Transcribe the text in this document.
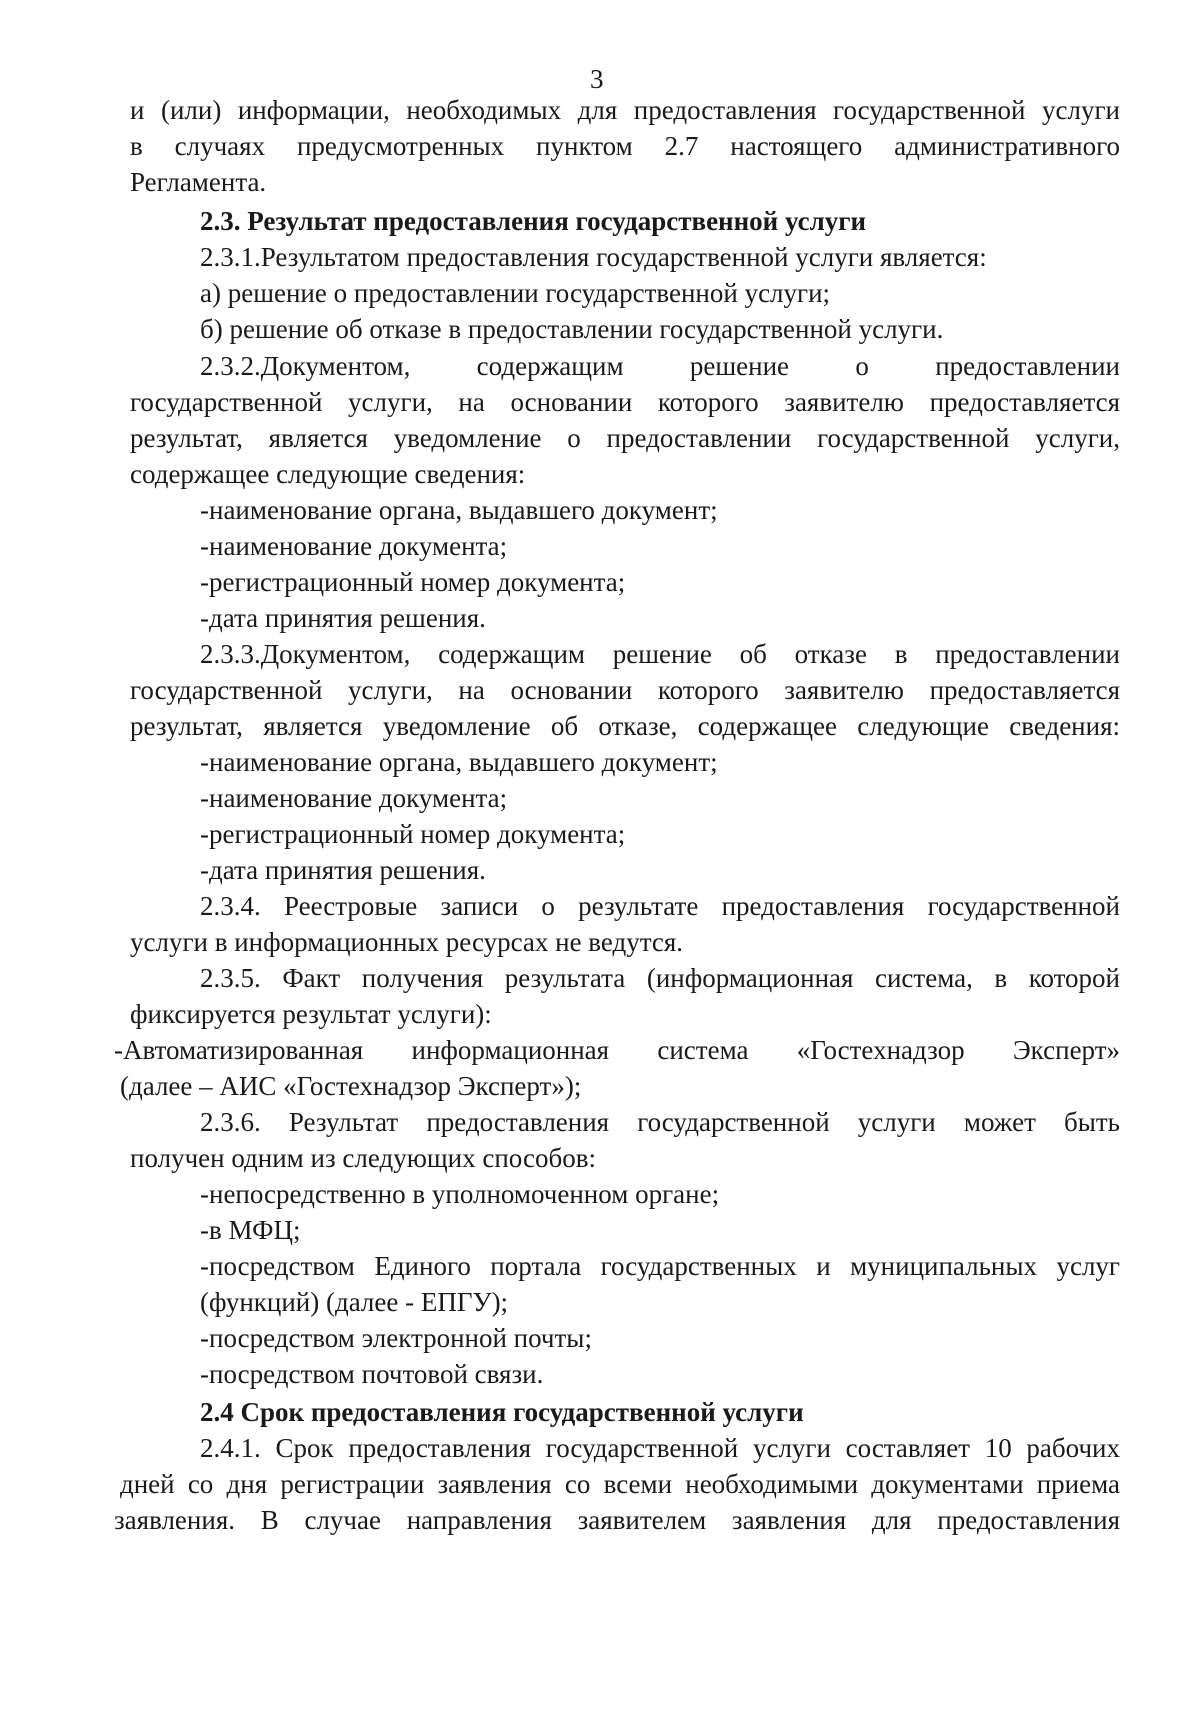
3
и (или) информации, необходимых для предоставления государственной услуги
в случаях предусмотренных пунктом 2.7 настоящего административного
Регламента.
2.3. Результат предоставления государственной услуги
2.3.1.Результатом предоставления государственной услуги является:
а) решение о предоставлении государственной услуги;
б) решение об отказе в предоставлении государственной услуги.
2.3.2.Документом, содержащим решение о предоставлении
государственной услуги, на основании которого заявителю предоставляется
результат, является уведомление о предоставлении государственной услуги,
содержащее следующие сведения:
-наименование органа, выдавшего документ;
-наименование документа;
-регистрационный номер документа;
-дата принятия решения.
2.3.3.Документом, содержащим решение об отказе в предоставлении
государственной услуги, на основании которого заявителю предоставляется
результат, является уведомление об отказе, содержащее следующие сведения:
-наименование органа, выдавшего документ;
-наименование документа;
-регистрационный номер документа;
-дата принятия решения.
2.3.4. Реестровые записи о результате предоставления государственной
услуги в информационных ресурсах не ведутся.
2.3.5. Факт получения результата (информационная система, в которой
фиксируется результат услуги):
-Автоматизированная информационная система «Гостехнадзор Эксперт»
(далее – АИС «Гостехнадзор Эксперт»);
2.3.6. Результат предоставления государственной услуги может быть
получен одним из следующих способов:
-непосредственно в уполномоченном органе;
-в МФЦ;
-посредством Единого портала государственных и муниципальных услуг
(функций) (далее - ЕПГУ);
-посредством электронной почты;
-посредством почтовой связи.
2.4 Срок предоставления государственной услуги
2.4.1. Срок предоставления государственной услуги составляет 10 рабочих
дней со дня регистрации заявления со всеми необходимыми документами приема
заявления. В случае направления заявителем заявления для предоставления
